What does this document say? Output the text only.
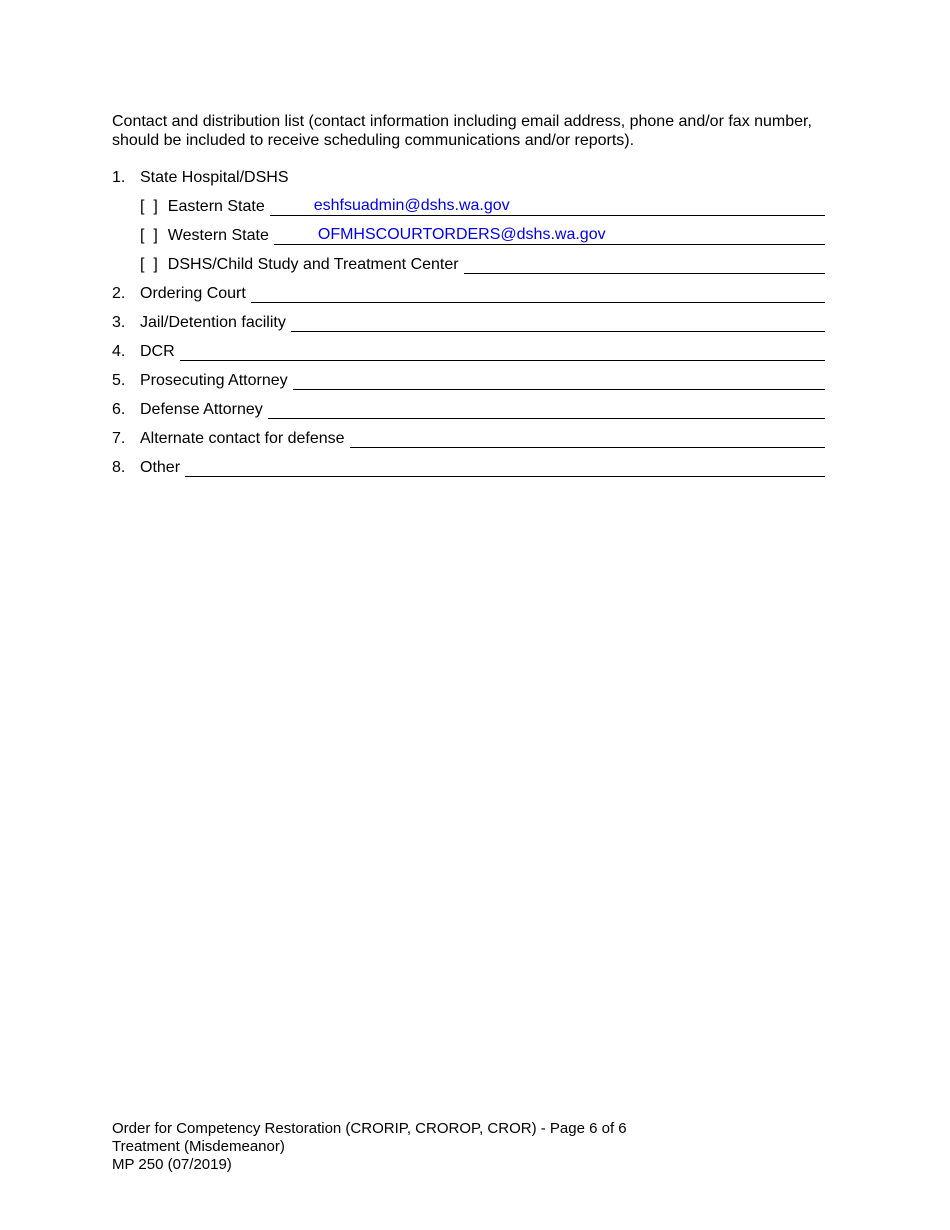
Contact and distribution list (contact information including email address, phone and/or fax number, should be included to receive scheduling communications and/or reports).

1. State Hospital/DSHS
[  ] Eastern State	eshfsuadmin@dshs.wa.gov
[  ] Western State	OFMHSCOURTORDERS@dshs.wa.gov
[  ] DSHS/Child Study and Treatment Center
2. Ordering Court
3. Jail/Detention facility
4. DCR
5. Prosecuting Attorney
6. Defense Attorney
7. Alternate contact for defense
8. Other
Order for Competency Restoration (CRORIP, CROROP, CROR) - Page 6 of 6
Treatment (Misdemeanor)
MP 250 (07/2019)
